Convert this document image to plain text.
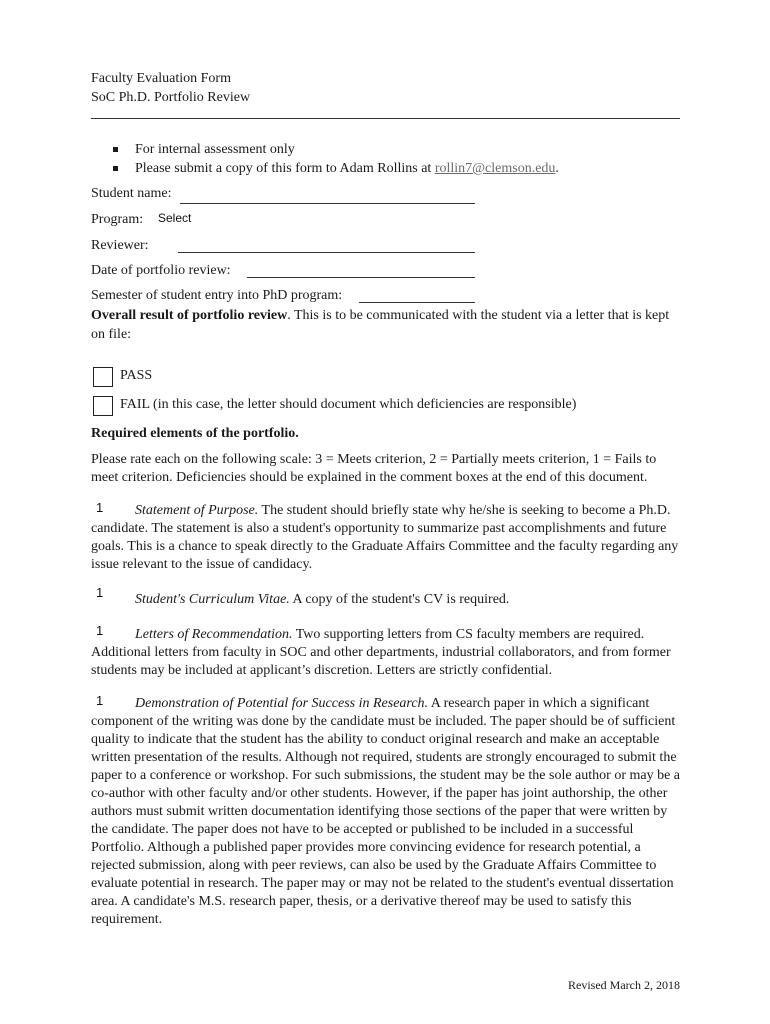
Faculty Evaluation Form
SoC Ph.D. Portfolio Review
For internal assessment only
Please submit a copy of this form to Adam Rollins at rollin7@clemson.edu.
Student name:
Program: Select
Reviewer:
Date of portfolio review:
Semester of student entry into PhD program:
Overall result of portfolio review. This is to be communicated with the student via a letter that is kept on file:
PASS
FAIL (in this case, the letter should document which deficiencies are responsible)
Required elements of the portfolio.
Please rate each on the following scale: 3 = Meets criterion, 2 = Partially meets criterion, 1 = Fails to meet criterion. Deficiencies should be explained in the comment boxes at the end of this document.
1	Statement of Purpose. The student should briefly state why he/she is seeking to become a Ph.D. candidate. The statement is also a student's opportunity to summarize past accomplishments and future goals. This is a chance to speak directly to the Graduate Affairs Committee and the faculty regarding any issue relevant to the issue of candidacy.
1	Student's Curriculum Vitae. A copy of the student's CV is required.
1	Letters of Recommendation. Two supporting letters from CS faculty members are required. Additional letters from faculty in SOC and other departments, industrial collaborators, and from former students may be included at applicant’s discretion. Letters are strictly confidential.
1	Demonstration of Potential for Success in Research. A research paper in which a significant component of the writing was done by the candidate must be included. The paper should be of sufficient quality to indicate that the student has the ability to conduct original research and make an acceptable written presentation of the results. Although not required, students are strongly encouraged to submit the paper to a conference or workshop. For such submissions, the student may be the sole author or may be a co-author with other faculty and/or other students. However, if the paper has joint authorship, the other authors must submit written documentation identifying those sections of the paper that were written by the candidate. The paper does not have to be accepted or published to be included in a successful Portfolio. Although a published paper provides more convincing evidence for research potential, a rejected submission, along with peer reviews, can also be used by the Graduate Affairs Committee to evaluate potential in research. The paper may or may not be related to the student's eventual dissertation area. A candidate's M.S. research paper, thesis, or a derivative thereof may be used to satisfy this requirement.
Revised March 2, 2018
